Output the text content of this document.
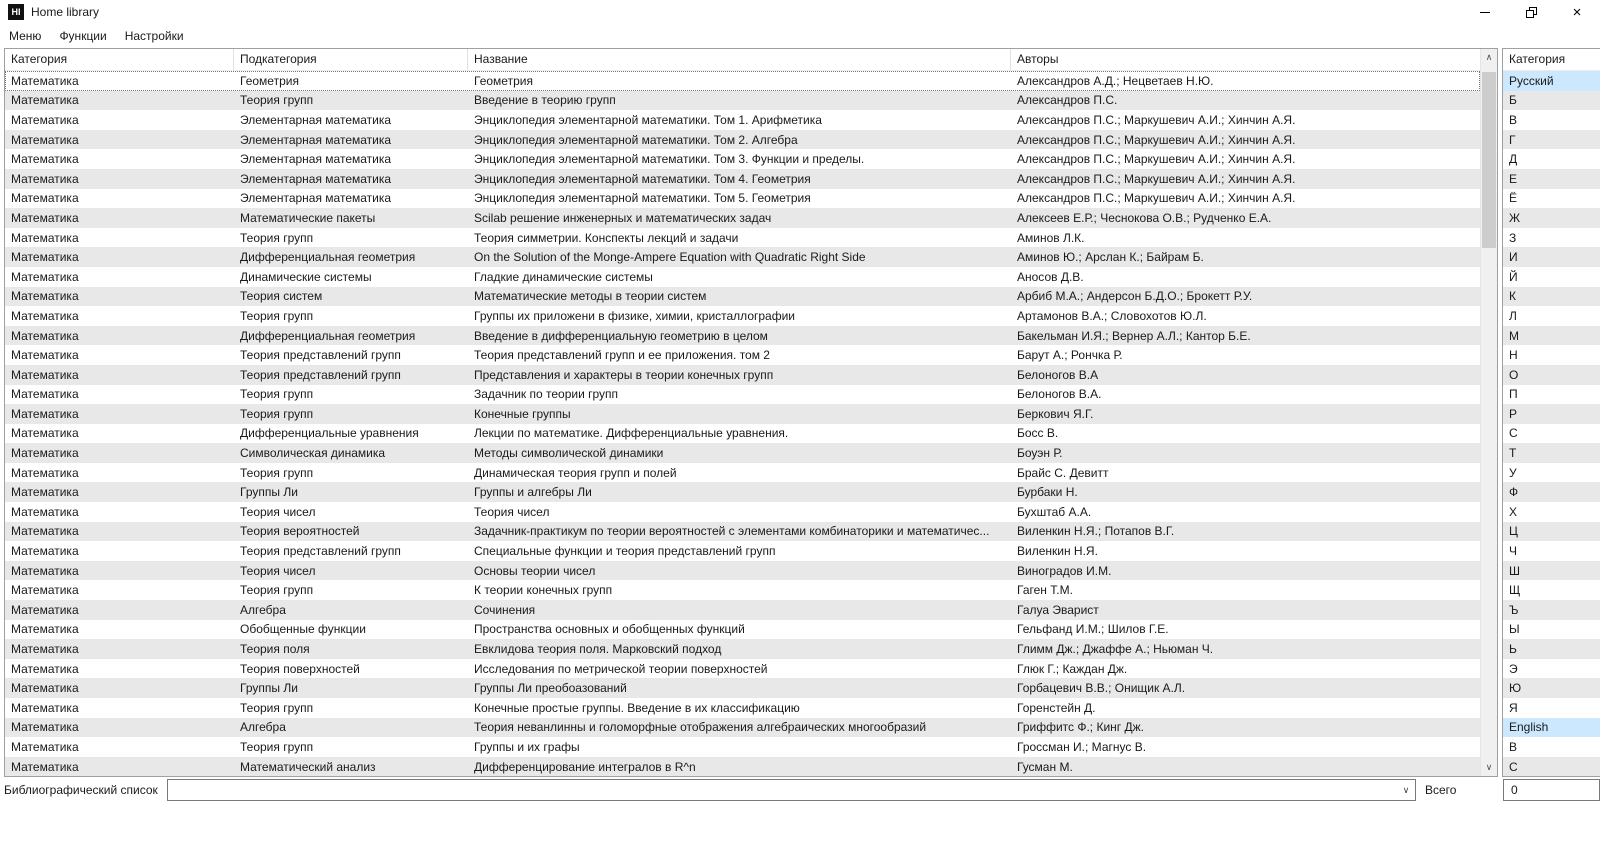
HI Home library	×
Меню	Функции	Настройки
Категория	Подкатегория	Название	Авторы
Математика	Геометрия	Геометрия	Александров А.Д.; Нецветаев Н.Ю.
Математика	Теория групп	Введение в теорию групп	Александров П.С.
Математика	Элементарная математика	Энциклопедия элементарной математики. Том 1. Арифметика	Александров П.С.; Маркушевич А.И.; Хинчин А.Я.
Математика	Элементарная математика	Энциклопедия элементарной математики. Том 2. Алгебра	Александров П.С.; Маркушевич А.И.; Хинчин А.Я.
Математика	Элементарная математика	Энциклопедия элементарной математики. Том 3. Функции и пределы.	Александров П.С.; Маркушевич А.И.; Хинчин А.Я.
Математика	Элементарная математика	Энциклопедия элементарной математики. Том 4. Геометрия	Александров П.С.; Маркушевич А.И.; Хинчин А.Я.
Математика	Элементарная математика	Энциклопедия элементарной математики. Том 5. Геометрия	Александров П.С.; Маркушевич А.И.; Хинчин А.Я.
Математика	Математические пакеты	Scilab решение инженерных и математических задач	Алексеев Е.Р.; Чеснокова О.В.; Рудченко Е.А.
Математика	Теория групп	Теория симметрии. Конспекты лекций и задачи	Аминов Л.К.
Математика	Дифференциальная геометрия	On the Solution of the Monge-Ampere Equation with Quadratic Right Side	Аминов Ю.; Арслан К.; Байрам Б.
Математика	Динамические системы	Гладкие динамические системы	Аносов Д.В.
Математика	Теория систем	Математические методы в теории систем	Арбиб М.А.; Андерсон Б.Д.О.; Брокетт Р.У.
Математика	Теория групп	Группы их приложени в физике, химии, кристаллографии	Артамонов В.А.; Словохотов Ю.Л.
Математика	Дифференциальная геометрия	Введение в дифференциальную геометрию в целом	Бакельман И.Я.; Вернер А.Л.; Кантор Б.Е.
Математика	Теория представлений групп	Теория представлений групп и ее приложения. том 2	Барут А.; Рончка Р.
Математика	Теория представлений групп	Представления и характеры в теории конечных групп	Белоногов В.А
Математика	Теория групп	Задачник по теории групп	Белоногов В.А.
Математика	Теория групп	Конечные группы	Беркович Я.Г.
Математика	Дифференциальные уравнения	Лекции по математике. Дифференциальные уравнения.	Босс В.
Математика	Символическая динамика	Методы символической динамики	Боуэн Р.
Математика	Теория групп	Динамическая теория групп и полей	Брайс С. Девитт
Математика	Группы Ли	Группы и алгебры Ли	Бурбаки Н.
Математика	Теория чисел	Теория чисел	Бухштаб А.А.
Математика	Теория вероятностей	Задачник-практикум по теории вероятностей с элементами комбинаторики и математичес...	Виленкин Н.Я.; Потапов В.Г.
Математика	Теория представлений групп	Специальные функции и теория представлений групп	Виленкин Н.Я.
Математика	Теория чисел	Основы теории чисел	Виноградов И.М.
Математика	Теория групп	К теории конечных групп	Гаген Т.М.
Математика	Алгебра	Сочинения	Галуа Эварист
Математика	Обобщенные функции	Пространства основных и обобщенных функций	Гельфанд И.М.; Шилов Г.Е.
Математика	Теория поля	Евклидова теория поля. Марковский подход	Глимм Дж.; Джаффе А.; Ньюман Ч.
Математика	Теория поверхностей	Исследования по метрической теории поверхностей	Глюк Г.; Каждан Дж.
Математика	Группы Ли	Группы Ли преобоазований	Горбацевич В.В.; Онищик А.Л.
Математика	Теория групп	Конечные простые группы. Введение в их классификацию	Горенстейн Д.
Математика	Алгебра	Теория неванлинны и голоморфные отображения алгебраических многообразий	Гриффитс Ф.; Кинг Дж.
Математика	Теория групп	Группы и их графы	Гроссман И.; Магнус В.
Математика	Математический анализ	Дифференцирование интегралов в R^n	Гусман М.
∧
∨
Категория
Русский
Б
В
Г
Д
Е
Ё
Ж
З
И
Й
К
Л
М
Н
О
П
Р
С
Т
У
Ф
Х
Ц
Ч
Ш
Щ
Ъ
Ы
Ь
Э
Ю
Я
English
B
C
Библиографический список	∨	Всего	0
